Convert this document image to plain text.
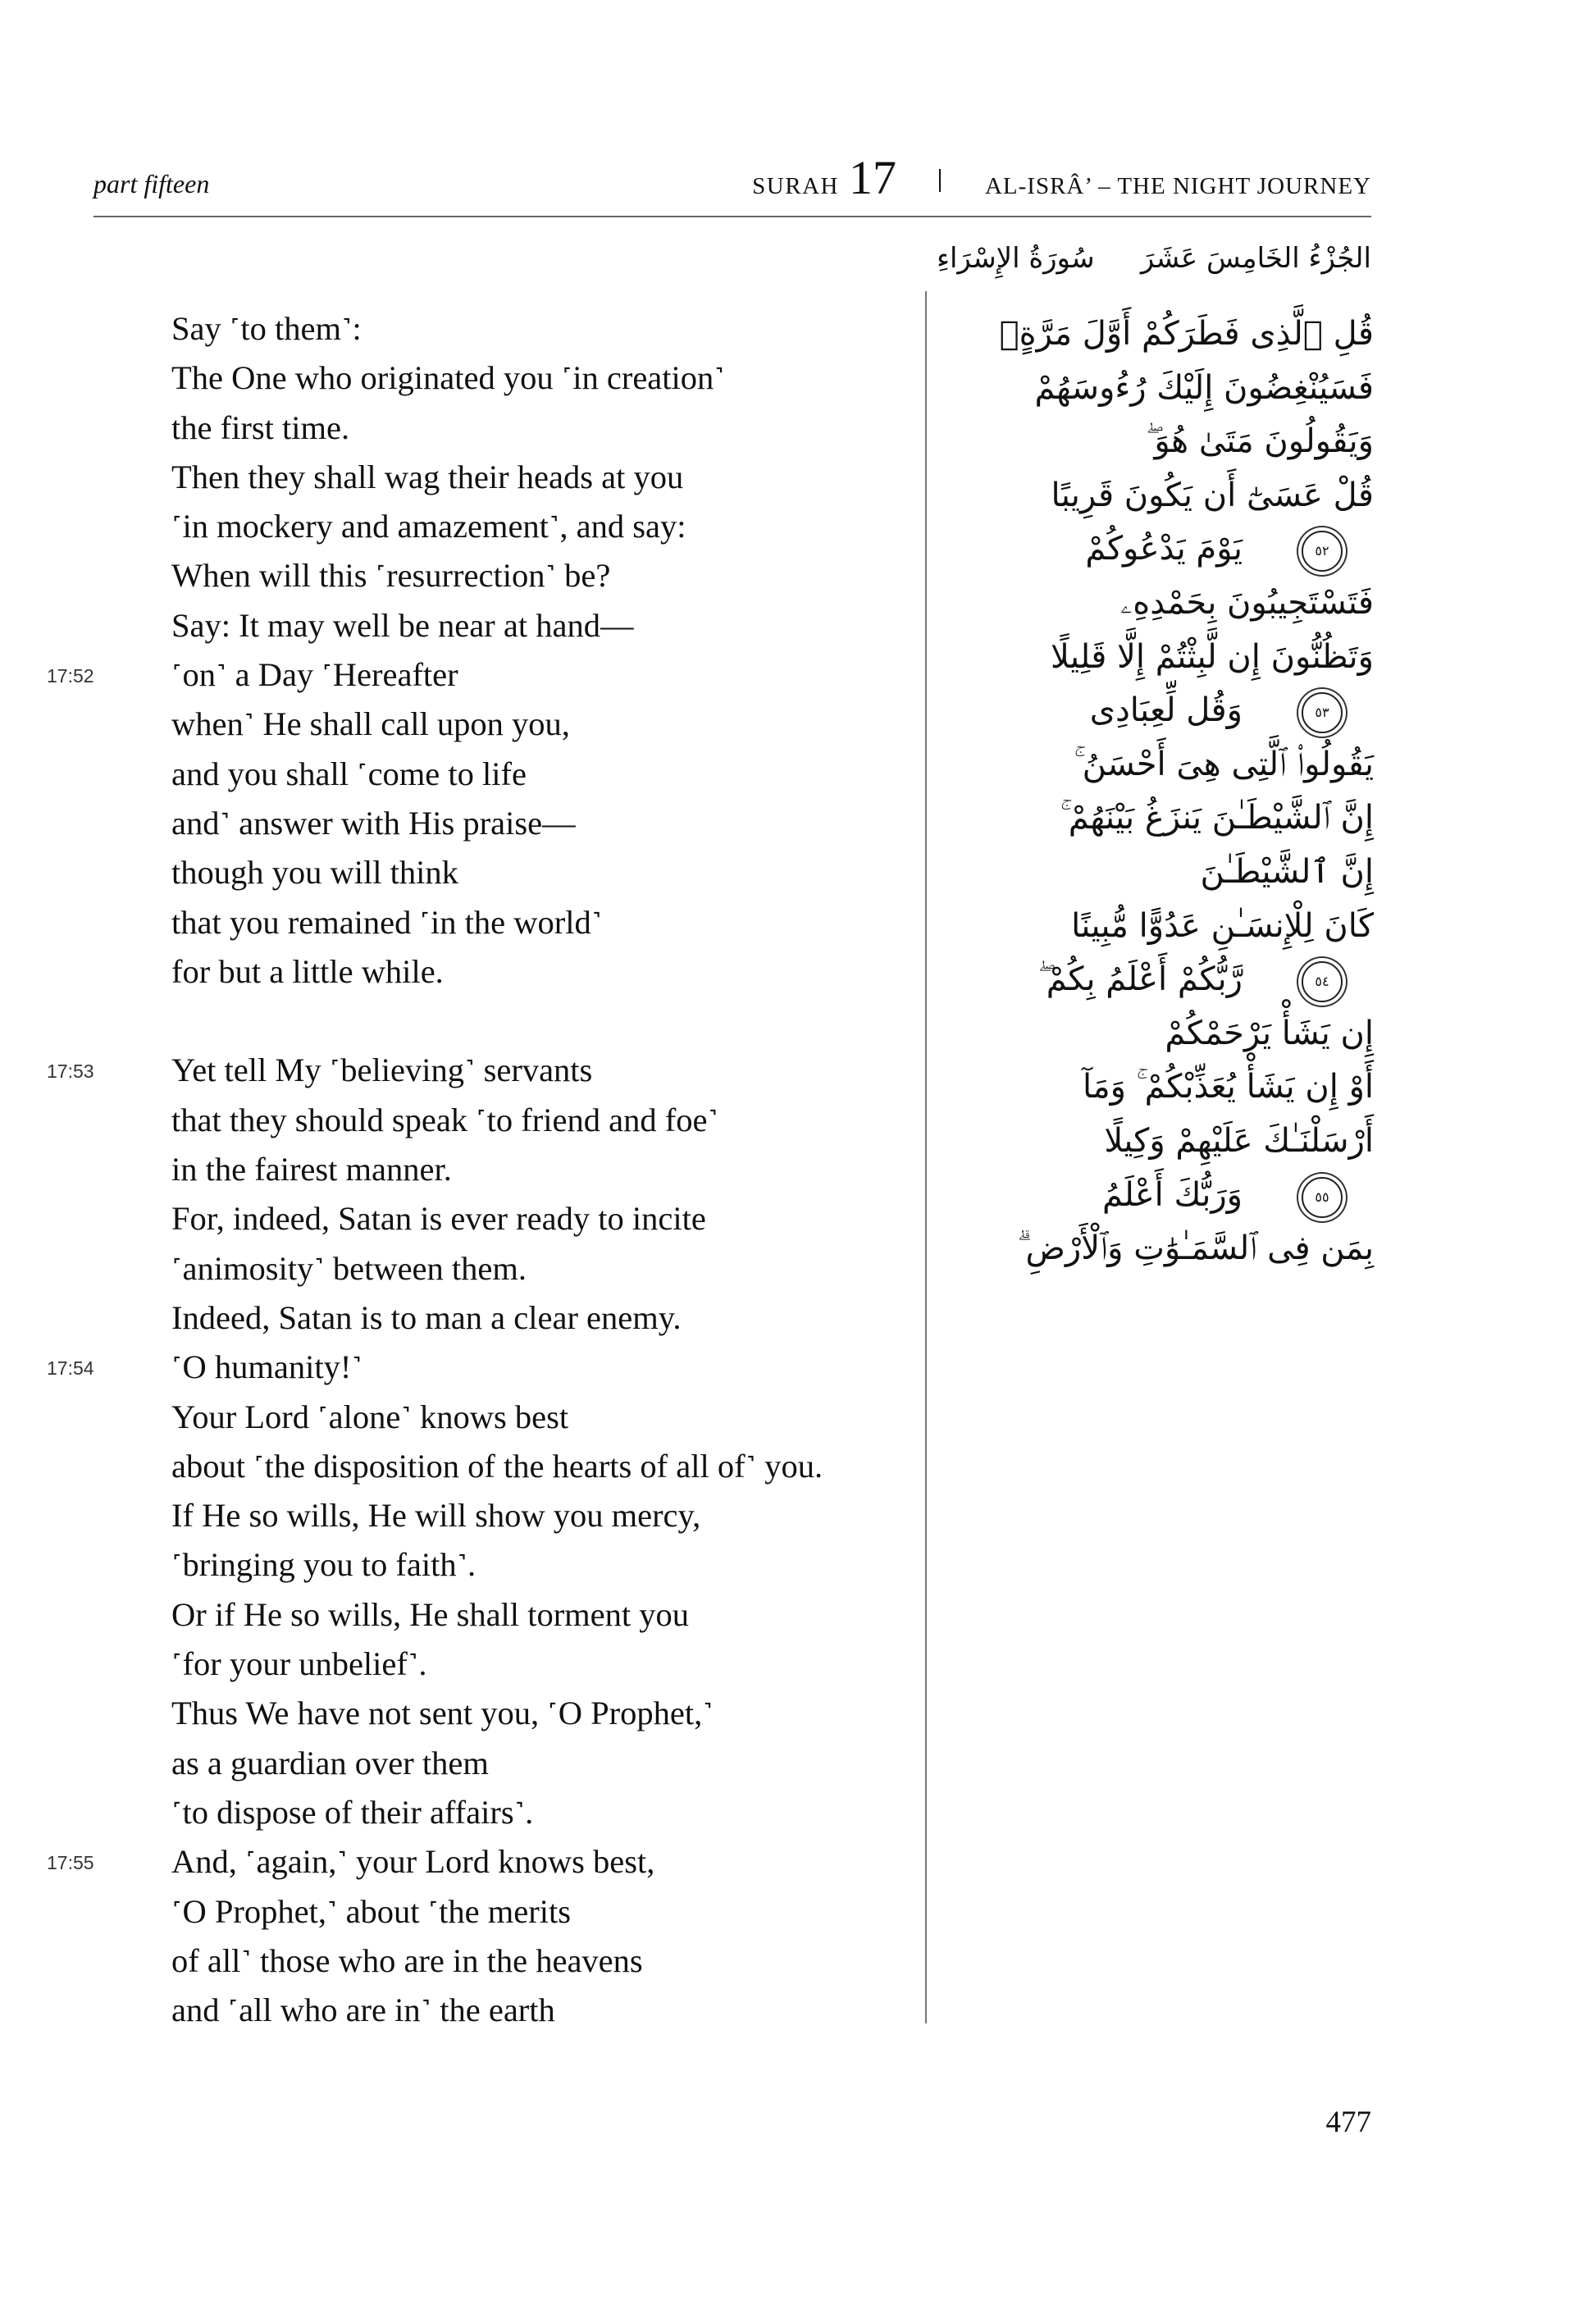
part fifteen	SURAH 17	AL-ISRÂ’ – THE NIGHT JOURNEY
سُورَةُ الإِسْرَاءِ الجُزْءُ الخَامِسَ عَشَرَ
Say ˹to them˺:
The One who originated you ˹in creation˺
the first time.
Then they shall wag their heads at you
˹in mockery and amazement˺, and say:
When will this ˹resurrection˺ be?
Say: It may well be near at hand—
17:52 ˹on˺ a Day ˹Hereafter
when˺ He shall call upon you,
and you shall ˹come to life
and˺ answer with His praise—
though you will think
that you remained ˹in the world˺
for but a little while.
17:53 Yet tell My ˹believing˺ servants
that they should speak ˹to friend and foe˺
in the fairest manner.
For, indeed, Satan is ever ready to incite
˹animosity˺ between them.
Indeed, Satan is to man a clear enemy.
17:54 ˹O humanity!˺
Your Lord ˹alone˺ knows best
about ˹the disposition of the hearts of all of˺ you.
If He so wills, He will show you mercy,
˹bringing you to faith˺.
Or if He so wills, He shall torment you
˹for your unbelief˺.
Thus We have not sent you, ˹O Prophet,˺
as a guardian over them
˹to dispose of their affairs˺.
17:55 And, ˹again,˺ your Lord knows best,
˹O Prophet,˺ about ˹the merits
of all˺ those who are in the heavens
and ˹all who are in˺ the earth
قُلِ ٱلَّذِى فَطَرَكُمْ أَوَّلَ مَرَّةٍۢ
فَسَيُنْغِضُونَ إِلَيْكَ رُءُوسَهُمْ
وَيَقُولُونَ مَتَىٰ هُوَ ۖ
قُلْ عَسَىٰٓ أَن يَكُونَ قَرِيبًا
يَوْمَ يَدْعُوكُمْ	٥٢
فَتَسْتَجِيبُونَ بِحَمْدِهِۦ
وَتَظُنُّونَ إِن لَّبِثْتُمْ إِلَّا قَلِيلًا
وَقُل لِّعِبَادِى	٥٣
يَقُولُوا۟ ٱلَّتِى هِىَ أَحْسَنُ ۚ
إِنَّ ٱلشَّيْطَـٰنَ يَنزَغُ بَيْنَهُمْ ۚ
إِنَّ ٱلشَّيْطَـٰنَ
كَانَ لِلْإِنسَـٰنِ عَدُوًّا مُّبِينًا
رَّبُّكُمْ أَعْلَمُ بِكُمْ ۖ	٥٤
إِن يَشَأْ يَرْحَمْكُمْ
أَوْ إِن يَشَأْ يُعَذِّبْكُمْ ۚ وَمَآ
أَرْسَلْنَـٰكَ عَلَيْهِمْ وَكِيلًا
وَرَبُّكَ أَعْلَمُ	٥٥
بِمَن فِى ٱلسَّمَـٰوَٰتِ وَٱلْأَرْضِ ۗ
477
